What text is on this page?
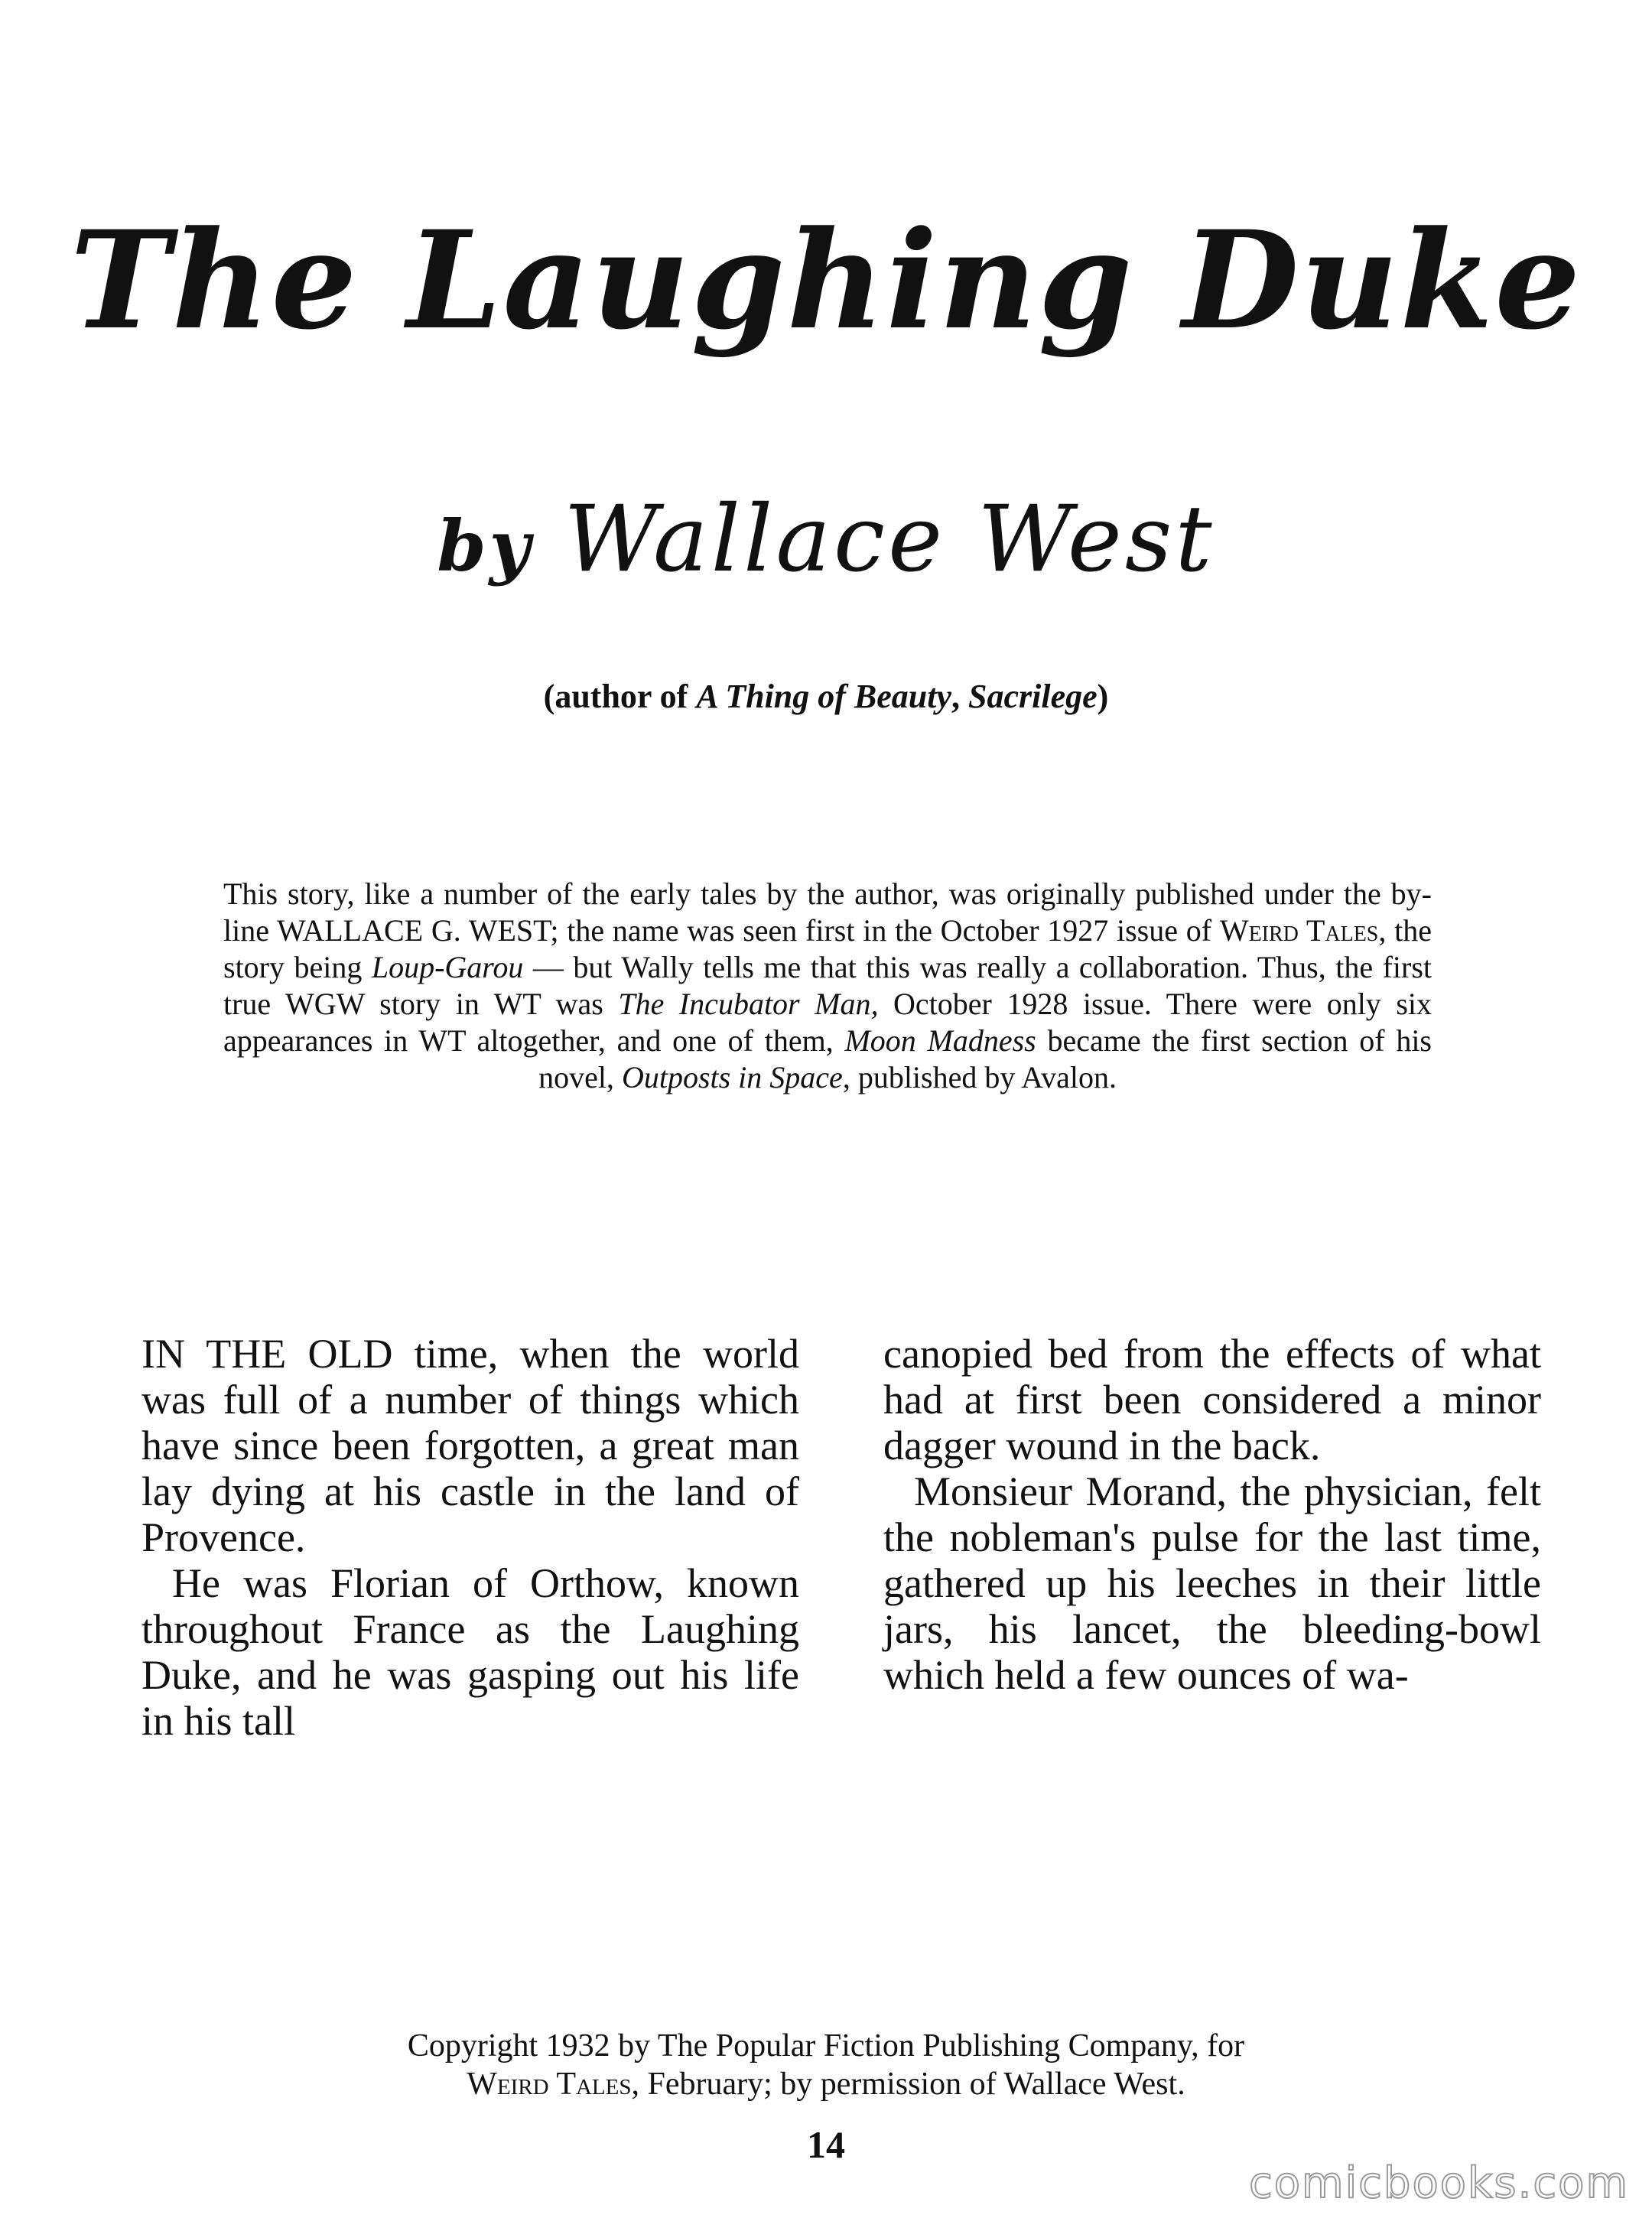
The Laughing Duke
by Wallace West
(author of A Thing of Beauty, Sacrilege)

This story, like a number of the early tales by the author, was originally published under the by-line WALLACE G. WEST; the name was seen first in the October 1927 issue of Weird Tales, the story being Loup-Garou — but Wally tells me that this was really a collaboration. Thus, the first true WGW story in WT was The Incubator Man, October 1928 issue. There were only six appearances in WT altogether, and one of them, Moon Madness became the first section of his novel, Outposts in Space, published by Avalon.

IN THE OLD time, when the world was full of a number of things which have since been forgotten, a great man lay dying at his castle in the land of Provence.

He was Florian of Orthow, known throughout France as the Laughing Duke, and he was gasping out his life in his tall

canopied bed from the effects of what had at first been considered a minor dagger wound in the back.

Monsieur Morand, the physician, felt the nobleman's pulse for the last time, gathered up his leeches in their little jars, his lancet, the bleeding-bowl which held a few ounces of wa-

Copyright 1932 by The Popular Fiction Publishing Company, for
Weird Tales, February; by permission of Wallace West.
14
comicbooks.com
